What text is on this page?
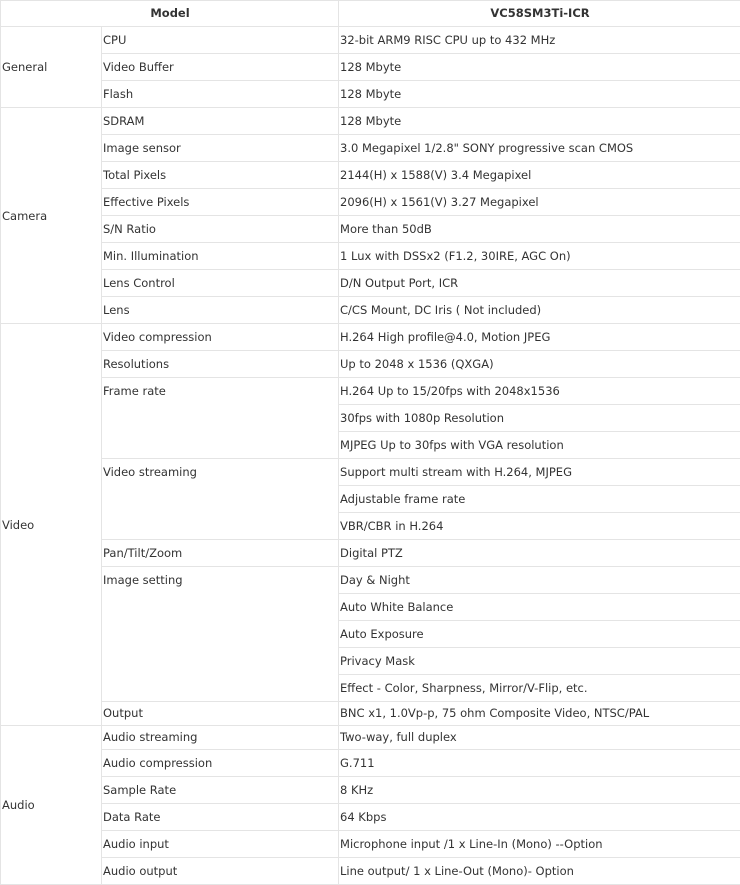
Model		VC58SM3Ti-ICR
General	CPU	32-bit ARM9 RISC CPU up to 432 MHz
	Video Buffer	128 Mbyte
	Flash	128 Mbyte
Camera	SDRAM	128 Mbyte
	Image sensor	3.0 Megapixel 1/2.8" SONY progressive scan CMOS
	Total Pixels	2144(H) x 1588(V) 3.4 Megapixel
	Effective Pixels	2096(H) x 1561(V) 3.27 Megapixel
	S/N Ratio	More than 50dB
	Min. Illumination	1 Lux with DSSx2 (F1.2, 30IRE, AGC On)
	Lens Control	D/N Output Port, ICR
	Lens	C/CS Mount, DC Iris ( Not included)
Video	Video compression	H.264 High profile@4.0, Motion JPEG
	Resolutions	Up to 2048 x 1536 (QXGA)
	Frame rate	H.264 Up to 15/20fps with 2048x1536
		30fps with 1080p Resolution
		MJPEG Up to 30fps with VGA resolution
	Video streaming	Support multi stream with H.264, MJPEG
		Adjustable frame rate
		VBR/CBR in H.264
	Pan/Tilt/Zoom	Digital PTZ
	Image setting	Day & Night
		Auto White Balance
		Auto Exposure
		Privacy Mask
		Effect - Color, Sharpness, Mirror/V-Flip, etc.
	Output	BNC x1, 1.0Vp-p, 75 ohm Composite Video, NTSC/PAL
Audio	Audio streaming	Two-way, full duplex
	Audio compression	G.711
	Sample Rate	8 KHz
	Data Rate	64 Kbps
	Audio input	Microphone input /1 x Line-In (Mono) --Option
	Audio output	Line output/ 1 x Line-Out (Mono)- Option
